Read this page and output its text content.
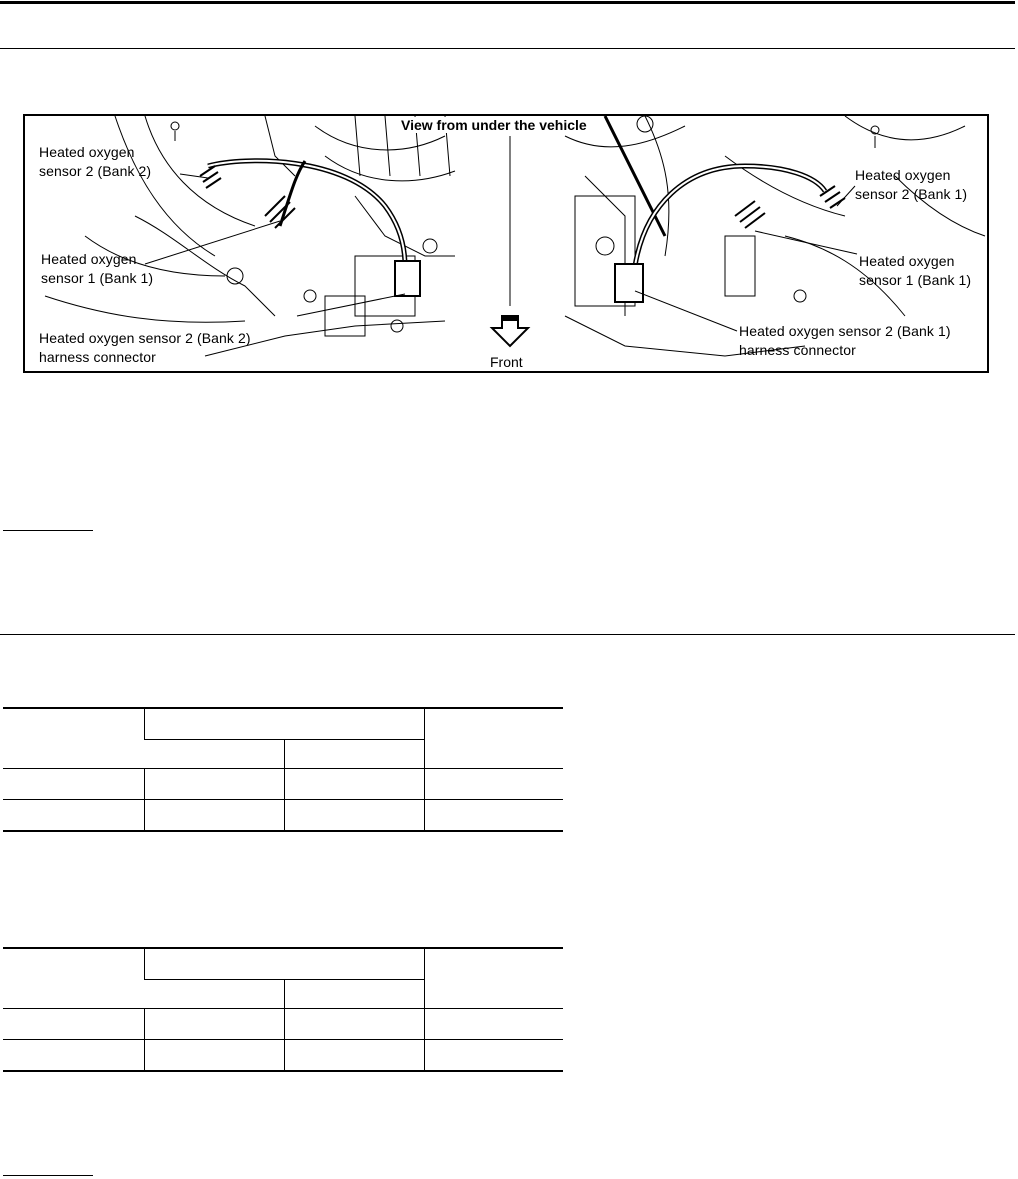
View from under the vehicle
Front
Heated oxygen
sensor 2 (Bank 2)
Heated oxygen
sensor 1 (Bank 1)
Heated oxygen sensor 2 (Bank 2)
harness connector
Heated oxygen
sensor 2 (Bank 1)
Heated oxygen
sensor 1 (Bank 1)
Heated oxygen sensor 2 (Bank 1)
harness connector
